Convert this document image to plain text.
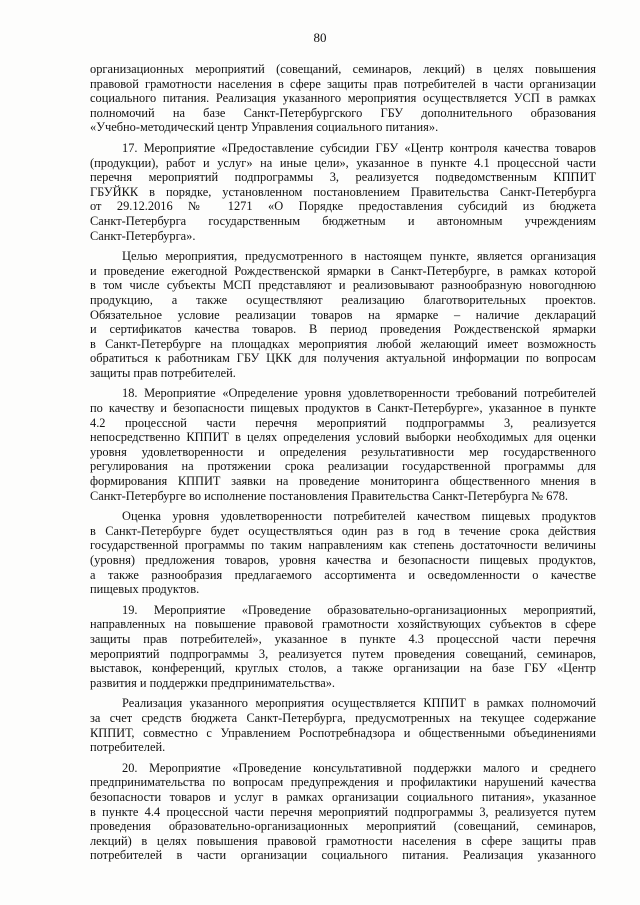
80
организационных мероприятий (совещаний, семинаров, лекций) в целях повышения
правовой грамотности населения в сфере защиты прав потребителей в части организации
социального питания. Реализация указанного мероприятия осуществляется УСП в рамках
полномочий на базе Санкт-Петербургского ГБУ дополнительного образования
«Учебно-методический центр Управления социального питания».
17. Мероприятие «Предоставление субсидии ГБУ «Центр контроля качества товаров
(продукции), работ и услуг» на иные цели», указанное в пункте 4.1 процессной части
перечня мероприятий подпрограммы 3, реализуется подведомственным КППИТ
ГБУЙКК в порядке, установленном постановлением Правительства Санкт-Петербурга
от 29.12.2016 № 1271 «О Порядке предоставления субсидий из бюджета
Санкт-Петербурга государственным бюджетным и автономным учреждениям
Санкт-Петербурга».
Целью мероприятия, предусмотренного в настоящем пункте, является организация
и проведение ежегодной Рождественской ярмарки в Санкт-Петербурге, в рамках которой
в том числе субъекты МСП представляют и реализовывают разнообразную новогоднюю
продукцию, а также осуществляют реализацию благотворительных проектов.
Обязательное условие реализации товаров на ярмарке – наличие деклараций
и сертификатов качества товаров. В период проведения Рождественской ярмарки
в Санкт-Петербурге на площадках мероприятия любой желающий имеет возможность
обратиться к работникам ГБУ ЦКК для получения актуальной информации по вопросам
защиты прав потребителей.
18. Мероприятие «Определение уровня удовлетворенности требований потребителей
по качеству и безопасности пищевых продуктов в Санкт-Петербурге», указанное в пункте
4.2 процессной части перечня мероприятий подпрограммы 3, реализуется
непосредственно КППИТ в целях определения условий выборки необходимых для оценки
уровня удовлетворенности и определения результативности мер государственного
регулирования на протяжении срока реализации государственной программы для
формирования КППИТ заявки на проведение мониторинга общественного мнения в
Санкт-Петербурге во исполнение постановления Правительства Санкт-Петербурга № 678.
Оценка уровня удовлетворенности потребителей качеством пищевых продуктов
в Санкт-Петербурге будет осуществляться один раз в год в течение срока действия
государственной программы по таким направлениям как степень достаточности величины
(уровня) предложения товаров, уровня качества и безопасности пищевых продуктов,
а также разнообразия предлагаемого ассортимента и осведомленности о качестве
пищевых продуктов.
19. Мероприятие «Проведение образовательно-организационных мероприятий,
направленных на повышение правовой грамотности хозяйствующих субъектов в сфере
защиты прав потребителей», указанное в пункте 4.3 процессной части перечня
мероприятий подпрограммы 3, реализуется путем проведения совещаний, семинаров,
выставок, конференций, круглых столов, а также организации на базе ГБУ «Центр
развития и поддержки предпринимательства».
Реализация указанного мероприятия осуществляется КППИТ в рамках полномочий
за счет средств бюджета Санкт-Петербурга, предусмотренных на текущее содержание
КППИТ, совместно с Управлением Роспотребнадзора и общественными объединениями
потребителей.
20. Мероприятие «Проведение консультативной поддержки малого и среднего
предпринимательства по вопросам предупреждения и профилактики нарушений качества
безопасности товаров и услуг в рамках организации социального питания», указанное
в пункте 4.4 процессной части перечня мероприятий подпрограммы 3, реализуется путем
проведения образовательно-организационных мероприятий (совещаний, семинаров,
лекций) в целях повышения правовой грамотности населения в сфере защиты прав
потребителей в части организации социального питания. Реализация указанного
